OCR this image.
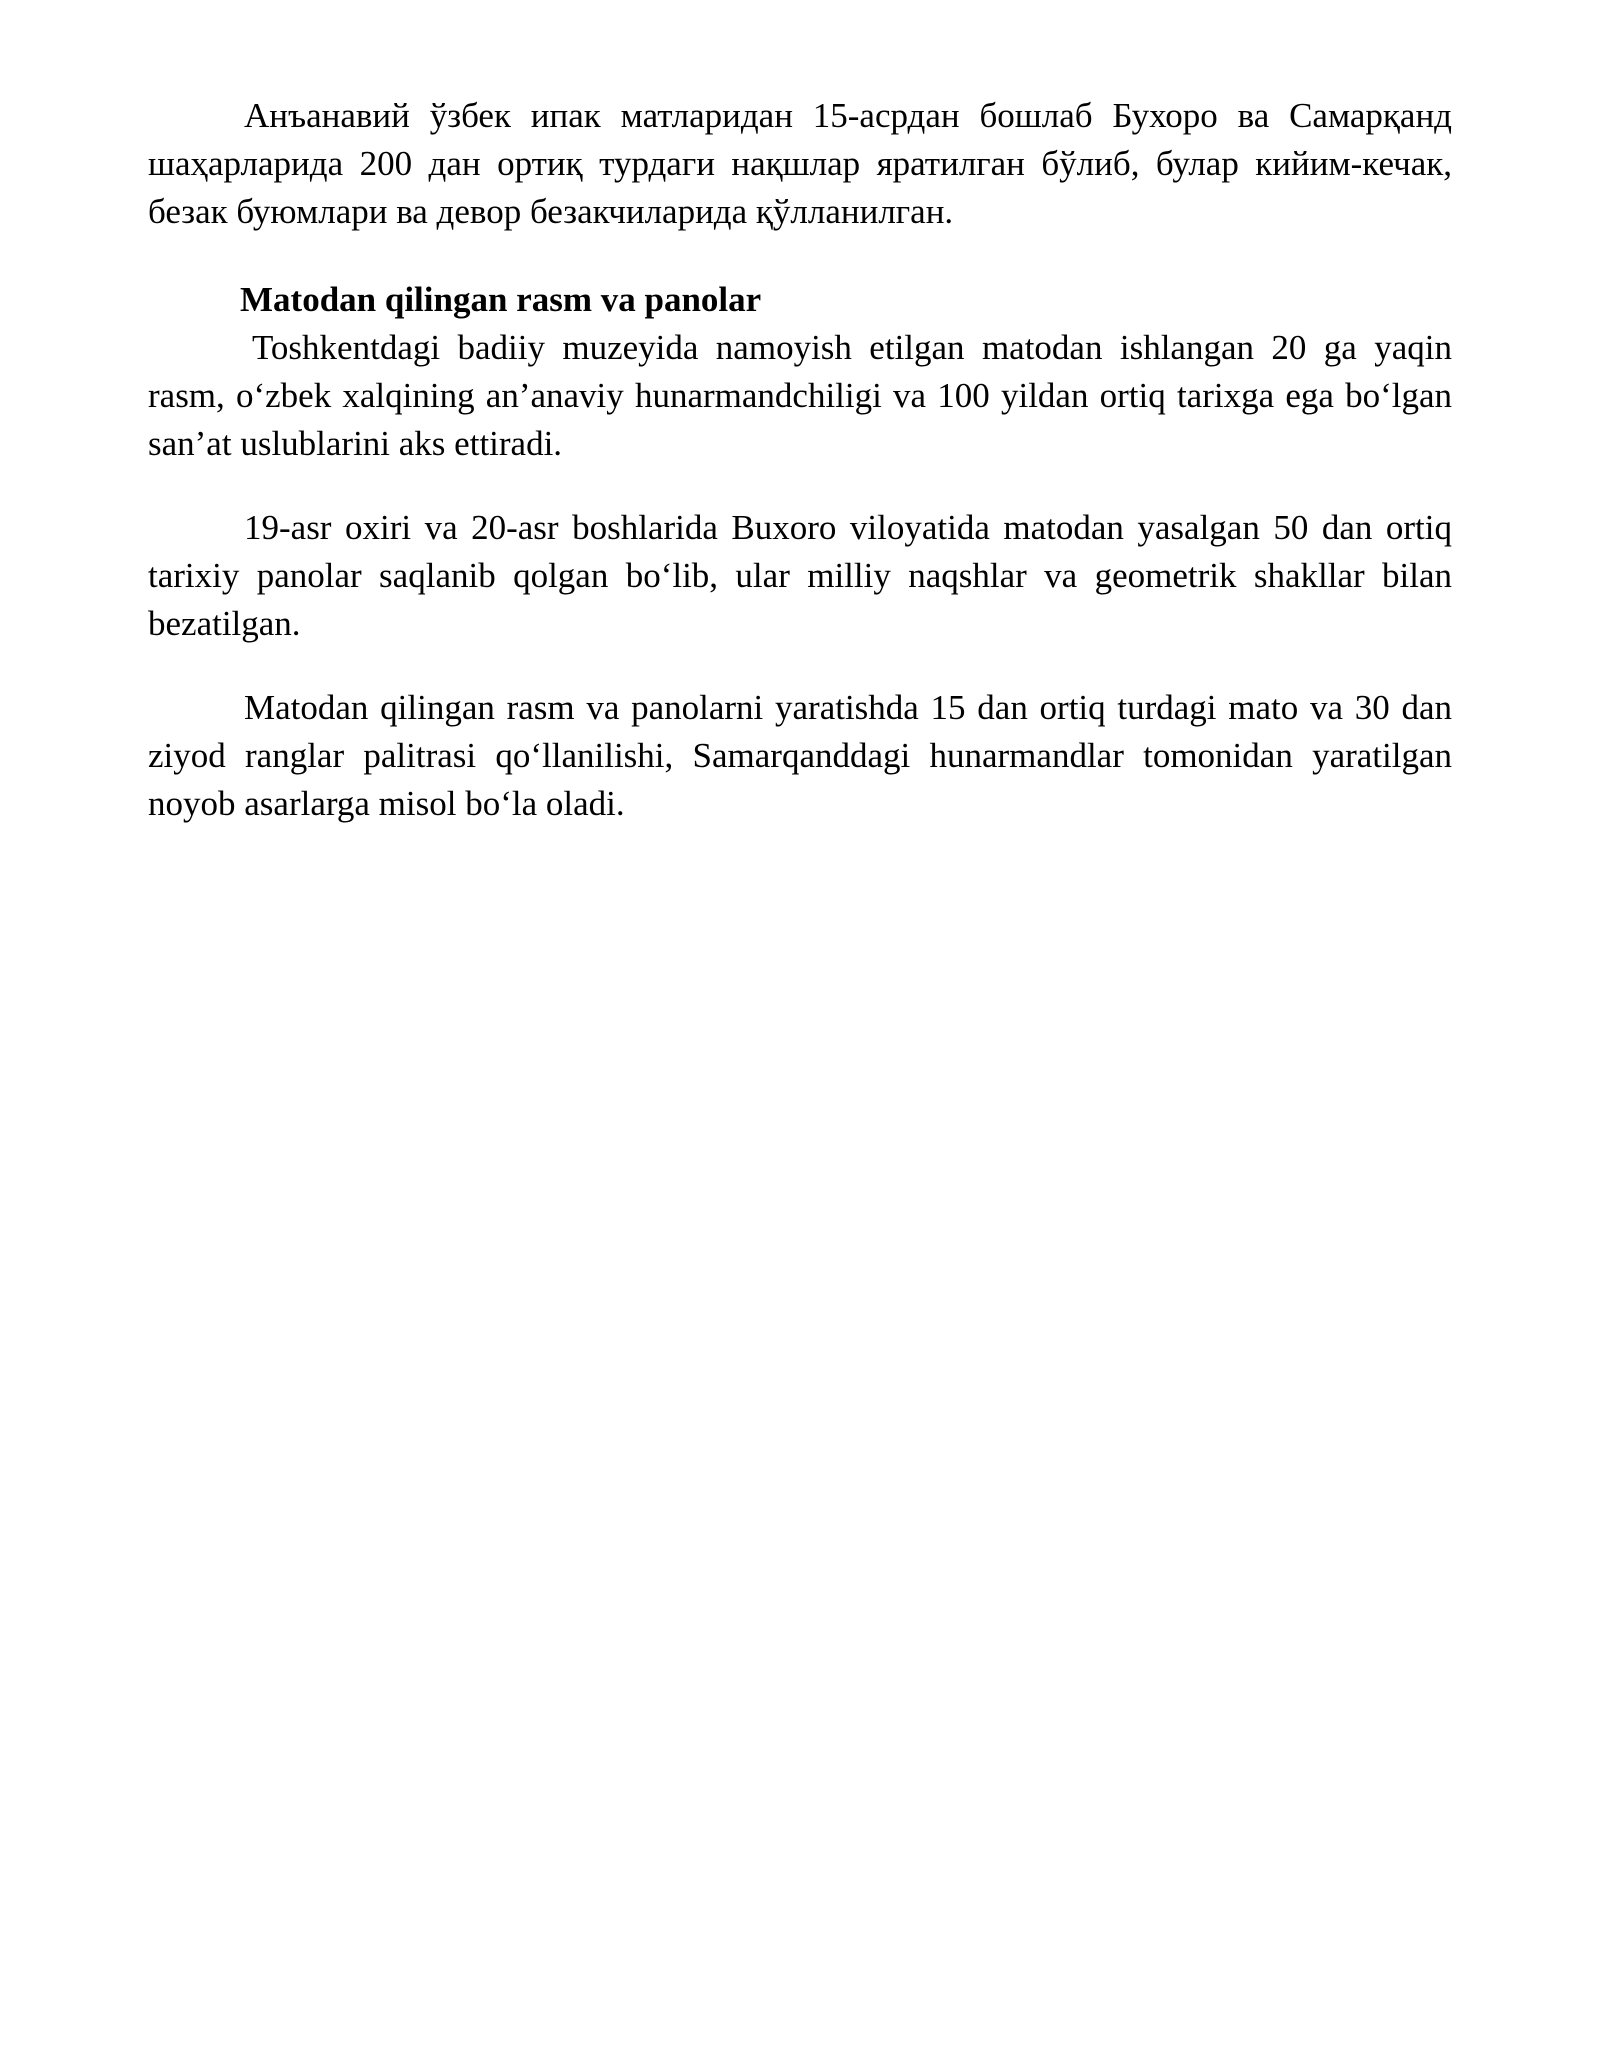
Анъанавий ўзбек ипак матларидан 15-асрдан бошлаб Бухоро ва Самарқанд шаҳарларида 200 дан ортиқ турдаги нақшлар яратилган бўлиб, булар кийим-кечак, безак буюмлари ва девор безакчиларида қўлланилган.

Matodan qilingan rasm va panolar

Toshkentdagi badiiy muzeyida namoyish etilgan matodan ishlangan 20 ga yaqin rasm, oʻzbek xalqining an’anaviy hunarmandchiligi va 100 yildan ortiq tarixga ega boʻlgan san’at uslublarini aks ettiradi.

19-asr oxiri va 20-asr boshlarida Buxoro viloyatida matodan yasalgan 50 dan ortiq tarixiy panolar saqlanib qolgan boʻlib, ular milliy naqshlar va geometrik shakllar bilan bezatilgan.

Matodan qilingan rasm va panolarni yaratishda 15 dan ortiq turdagi mato va 30 dan ziyod ranglar palitrasi qoʻllanilishi, Samarqanddagi hunarmandlar tomonidan yaratilgan noyob asarlarga misol boʻla oladi.
